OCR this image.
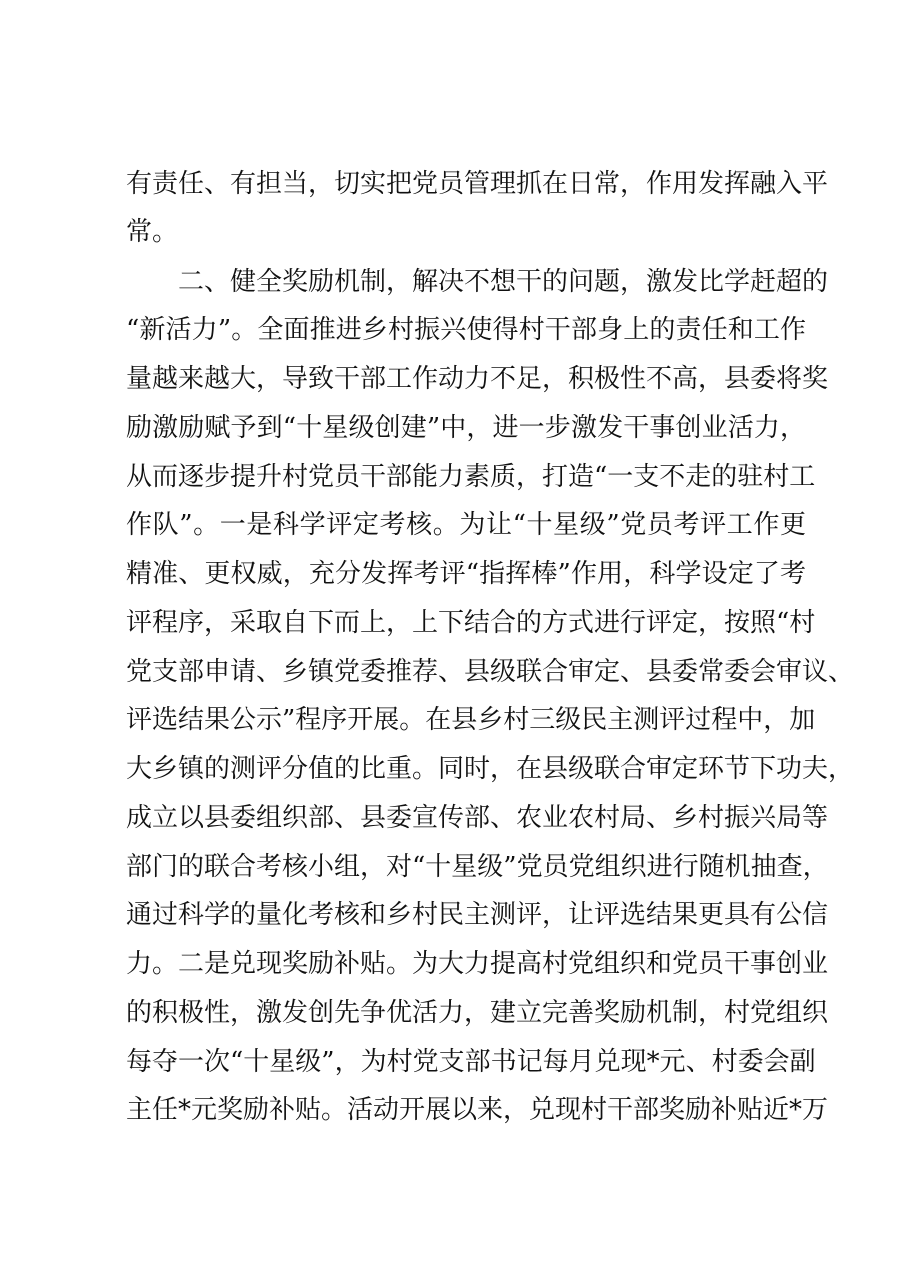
有责任、有担当，切实把党员管理抓在日常，作用发挥融入平
常。
二、健全奖励机制，解决不想干的问题，激发比学赶超的
“新活力”。全面推进乡村振兴使得村干部身上的责任和工作
量越来越大，导致干部工作动力不足，积极性不高，县委将奖
励激励赋予到“十星级创建”中，进一步激发干事创业活力，
从而逐步提升村党员干部能力素质，打造“一支不走的驻村工
作队”。一是科学评定考核。为让“十星级”党员考评工作更
精准、更权威，充分发挥考评“指挥棒”作用，科学设定了考
评程序，采取自下而上，上下结合的方式进行评定，按照“村
党支部申请、乡镇党委推荐、县级联合审定、县委常委会审议、
评选结果公示”程序开展。在县乡村三级民主测评过程中，加
大乡镇的测评分值的比重。同时，在县级联合审定环节下功夫，
成立以县委组织部、县委宣传部、农业农村局、乡村振兴局等
部门的联合考核小组，对“十星级”党员党组织进行随机抽查，
通过科学的量化考核和乡村民主测评，让评选结果更具有公信
力。二是兑现奖励补贴。为大力提高村党组织和党员干事创业
的积极性，激发创先争优活力，建立完善奖励机制，村党组织
每夺一次“十星级”，为村党支部书记每月兑现*元、村委会副
主任*元奖励补贴。活动开展以来，兑现村干部奖励补贴近*万
